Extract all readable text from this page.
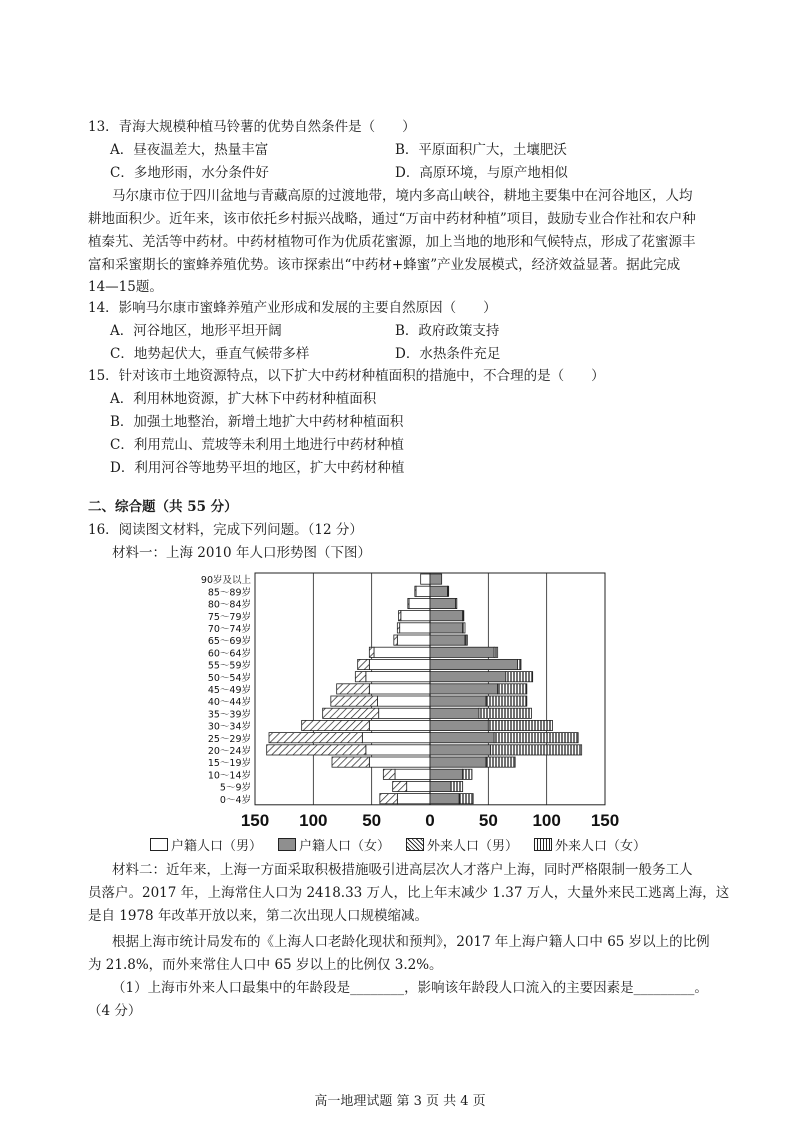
13．青海大规模种植马铃薯的优势自然条件是（　　）
A．昼夜温差大，热量丰富	B．平原面积广大，土壤肥沃
C．多地形雨，水分条件好	D．高原环境，与原产地相似
马尔康市位于四川盆地与青藏高原的过渡地带，境内多高山峡谷，耕地主要集中在河谷地区，人均
耕地面积少。近年来，该市依托乡村振兴战略，通过“万亩中药材种植”项目，鼓励专业合作社和农户种
植秦艽、羌活等中药材。中药材植物可作为优质花蜜源，加上当地的地形和气候特点，形成了花蜜源丰
富和采蜜期长的蜜蜂养殖优势。该市探索出“中药材+蜂蜜”产业发展模式，经济效益显著。据此完成
14—15题。
14．影响马尔康市蜜蜂养殖产业形成和发展的主要自然原因（　　）
A．河谷地区，地形平坦开阔	B．政府政策支持
C．地势起伏大，垂直气候带多样	D．水热条件充足
15．针对该市土地资源特点，以下扩大中药材种植面积的措施中，不合理的是（　　）
A．利用林地资源，扩大林下中药材种植面积
B．加强土地整治，新增土地扩大中药材种植面积
C．利用荒山、荒坡等未利用土地进行中药材种植
D．利用河谷等地势平坦的地区，扩大中药材种植
二、综合题（共 55 分）
16．阅读图文材料，完成下列问题。（12 分）
材料一：上海 2010 年人口形势图（下图）
150 100 50	0	50 100 150
0～4岁
5～9岁
10～14岁
15～19岁
20～24岁
25～29岁
30～34岁
35～39岁
40～44岁
45～49岁
50～54岁
55～59岁
60～64岁
65～69岁
70～74岁
75～79岁
80～84岁
85～89岁
90岁及以上
户籍人口（男）	户籍人口（女）	外来人口（男）	外来人口（女）
材料二：近年来，上海一方面采取积极措施吸引进高层次人才落户上海，同时严格限制一般务工人
员落户。2017 年，上海常住人口为 2418.33 万人，比上年末减少 1.37 万人，大量外来民工逃离上海，这
是自 1978 年改革开放以来，第二次出现人口规模缩减。
根据上海市统计局发布的《上海人口老龄化现状和预判》，2017 年上海户籍人口中 65 岁以上的比例
为 21.8%，而外来常住人口中 65 岁以上的比例仅 3.2%。
（1）上海市外来人口最集中的年龄段是________，影响该年龄段人口流入的主要因素是_________。
（4 分）
高一地理试题 第 3 页 共 4 页
